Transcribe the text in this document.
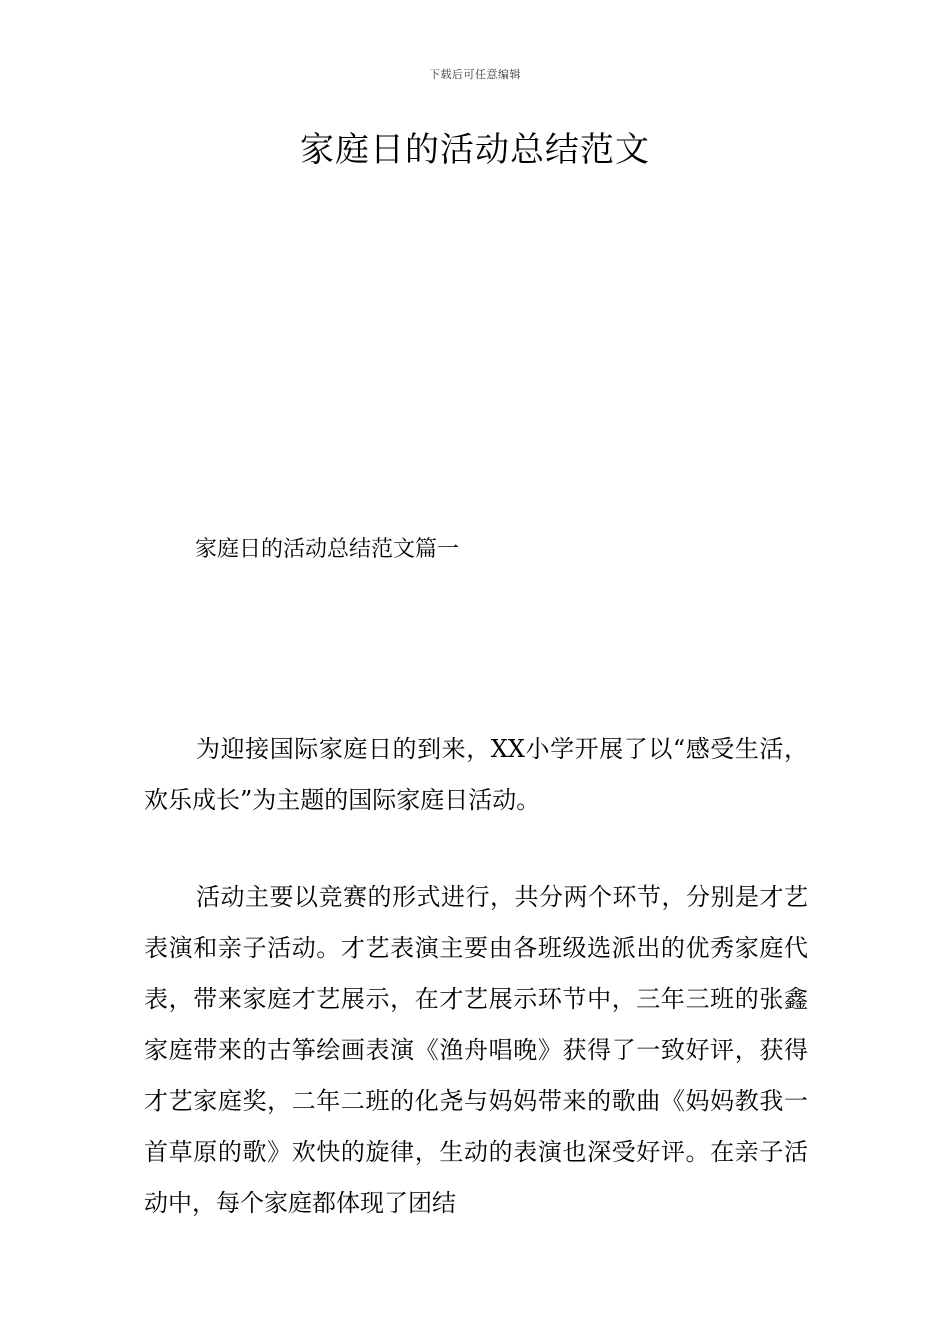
下载后可任意编辑
家庭日的活动总结范文
家庭日的活动总结范文篇一

为迎接国际家庭日的到来，XX小学开展了以“感受生活，欢乐成长”为主题的国际家庭日活动。

活动主要以竞赛的形式进行，共分两个环节，分别是才艺表演和亲子活动。才艺表演主要由各班级选派出的优秀家庭代表，带来家庭才艺展示，在才艺展示环节中，三年三班的张鑫家庭带来的古筝绘画表演《渔舟唱晚》获得了一致好评，获得才艺家庭奖，二年二班的化尧与妈妈带来的歌曲《妈妈教我一首草原的歌》欢快的旋律，生动的表演也深受好评。在亲子活动中，每个家庭都体现了团结
